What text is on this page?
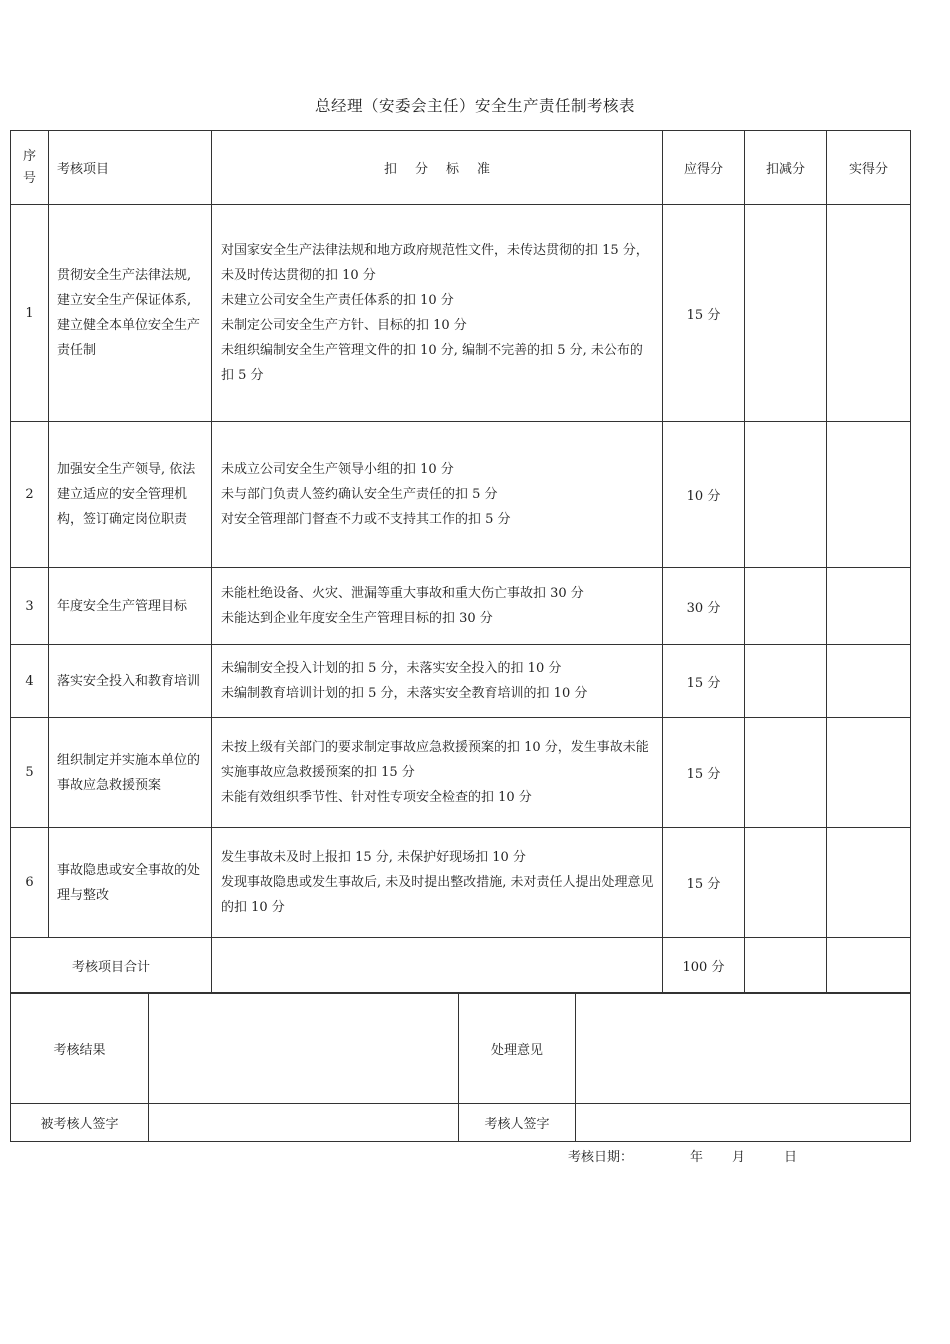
总经理（安委会主任）安全生产责任制考核表
序
号	考核项目	扣分标准	应得分	扣减分	实得分
1	贯彻安全生产法律法规,建立安全生产保证体系,建立健全本单位安全生产责任制	对国家安全生产法律法规和地方政府规范性文件，未传达贯彻的扣 15 分，未及时传达贯彻的扣 10 分
未建立公司安全生产责任体系的扣 10 分
未制定公司安全生产方针、目标的扣 10 分
未组织编制安全生产管理文件的扣 10 分, 编制不完善的扣 5 分, 未公布的扣 5 分	15 分		
2	加强安全生产领导, 依法建立适应的安全管理机构，签订确定岗位职责	未成立公司安全生产领导小组的扣 10 分
未与部门负责人签约确认安全生产责任的扣 5 分
对安全管理部门督查不力或不支持其工作的扣 5 分	10 分		
3	年度安全生产管理目标	未能杜绝设备、火灾、泄漏等重大事故和重大伤亡事故扣 30 分
未能达到企业年度安全生产管理目标的扣 30 分	30 分		
4	落实安全投入和教育培训	未编制安全投入计划的扣 5 分，未落实安全投入的扣 10 分
未编制教育培训计划的扣 5 分，未落实安全教育培训的扣 10 分	15 分		
5	组织制定并实施本单位的事故应急救援预案	未按上级有关部门的要求制定事故应急救援预案的扣 10 分，发生事故未能实施事故应急救援预案的扣 15 分
未能有效组织季节性、针对性专项安全检查的扣 10 分	15 分		
6	事故隐患或安全事故的处理与整改	发生事故未及时上报扣 15 分, 未保护好现场扣 10 分
发现事故隐患或发生事故后, 未及时提出整改措施, 未对责任人提出处理意见的扣 10 分	15 分		
考核项目合计			100 分		
考核结果		处理意见	
被考核人签字		考核人签字	
考核日期：	年 月	日
